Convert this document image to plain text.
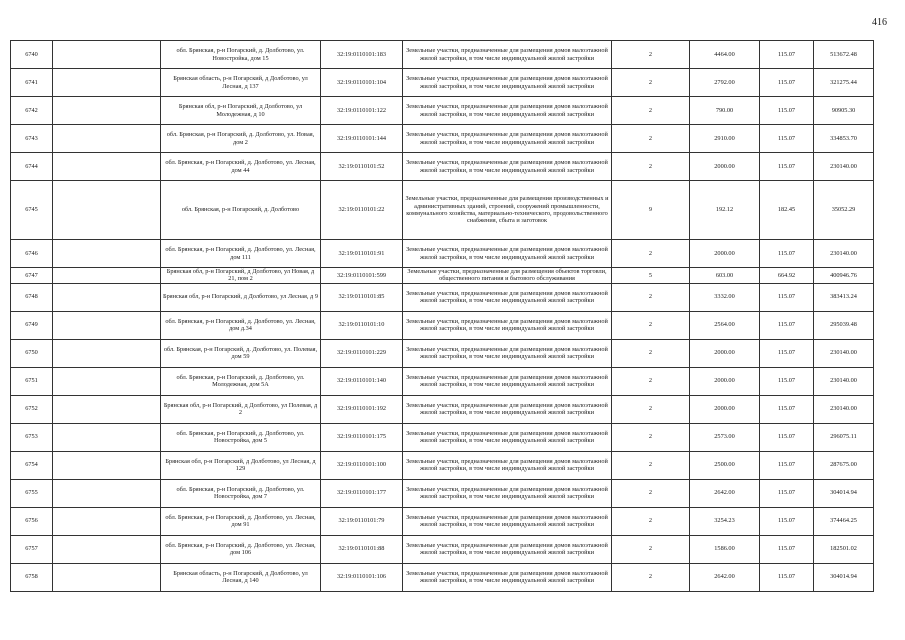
416
6740		обл. Брянская, р-н Погарский, д. Долботово, ул. Новостройка, дом 15	32:19:0110101:183	Земельные участки, предназначенные для размещения домов малоэтажной жилой застройки, в том числе индивидуальной жилой застройки	2	4464.00	115.07	513672.48
6741		Брянская область, р-н Погарский, д Долботово, ул Лесная, д 137	32:19:0110101:104	Земельные участки, предназначенные для размещения домов малоэтажной жилой застройки, в том числе индивидуальной жилой застройки	2	2792.00	115.07	321275.44
6742		Брянская обл, р-н Погарский, д Долботово, ул Молодежная, д 10	32:19:0110101:122	Земельные участки, предназначенные для размещения домов малоэтажной жилой застройки, в том числе индивидуальной жилой застройки	2	790.00	115.07	90905.30
6743		обл. Брянская, р-н Погарский, д. Долботово, ул. Новая, дом 2	32:19:0110101:144	Земельные участки, предназначенные для размещения домов малоэтажной жилой застройки, в том числе индивидуальной жилой застройки	2	2910.00	115.07	334853.70
6744		обл. Брянская, р-н Погарский, д. Долботово, ул. Лесная, дом 44	32:19:0110101:52	Земельные участки, предназначенные для размещения домов малоэтажной жилой застройки, в том числе индивидуальной жилой застройки	2	2000.00	115.07	230140.00
6745		обл. Брянская, р-н Погарский, д. Долботово	32:19:0110101:22	Земельные участки, предназначенные для размещения производственных и административных зданий, строений, сооружений промышленности, коммунального хозяйства, материально-технического, продовольственного снабжения, сбыта и заготовок	9	192.12	182.45	35052.29
6746		обл. Брянская, р-н Погарский, д. Долботово, ул. Лесная, дом 111	32:19:0110101:91	Земельные участки, предназначенные для размещения домов малоэтажной жилой застройки, в том числе индивидуальной жилой застройки	2	2000.00	115.07	230140.00
6747		Брянская обл, р-н Погарский, д Долботово, ул Новая, д 21, пом 2	32:19:0110101:599	Земельные участки, предназначенные для размещения объектов торговли, общественного питания и бытового обслуживания	5	603.00	664.92	400946.76
6748		Брянская обл, р-н Погарский, д Долботово, ул Лесная, д 9	32:19:0110101:85	Земельные участки, предназначенные для размещения домов малоэтажной жилой застройки, в том числе индивидуальной жилой застройки	2	3332.00	115.07	383413.24
6749		обл. Брянская, р-н Погарский, д. Долботово, ул. Лесная, дом д.34	32:19:0110101:10	Земельные участки, предназначенные для размещения домов малоэтажной жилой застройки, в том числе индивидуальной жилой застройки	2	2564.00	115.07	295039.48
6750		обл. Брянская, р-н Погарский, д. Долботово, ул. Полевая, дом 59	32:19:0110101:229	Земельные участки, предназначенные для размещения домов малоэтажной жилой застройки, в том числе индивидуальной жилой застройки	2	2000.00	115.07	230140.00
6751		обл. Брянская, р-н Погарский, д. Долботово, ул. Молодежная, дом 5А	32:19:0110101:140	Земельные участки, предназначенные для размещения домов малоэтажной жилой застройки, в том числе индивидуальной жилой застройки	2	2000.00	115.07	230140.00
6752		Брянская обл, р-н Погарский, д Долботово, ул Полевая, д 2	32:19:0110101:192	Земельные участки, предназначенные для размещения домов малоэтажной жилой застройки, в том числе индивидуальной жилой застройки	2	2000.00	115.07	230140.00
6753		обл. Брянская, р-н Погарский, д. Долботово, ул. Новостройка, дом 5	32:19:0110101:175	Земельные участки, предназначенные для размещения домов малоэтажной жилой застройки, в том числе индивидуальной жилой застройки	2	2573.00	115.07	296075.11
6754		Брянская обл, р-н Погарский, д Долботово, ул Лесная, д 129	32:19:0110101:100	Земельные участки, предназначенные для размещения домов малоэтажной жилой застройки, в том числе индивидуальной жилой застройки	2	2500.00	115.07	287675.00
6755		обл. Брянская, р-н Погарский, д. Долботово, ул. Новостройка, дом 7	32:19:0110101:177	Земельные участки, предназначенные для размещения домов малоэтажной жилой застройки, в том числе индивидуальной жилой застройки	2	2642.00	115.07	304014.94
6756		обл. Брянская, р-н Погарский, д. Долботово, ул. Лесная, дом 91	32:19:0110101:79	Земельные участки, предназначенные для размещения домов малоэтажной жилой застройки, в том числе индивидуальной жилой застройки	2	3254.23	115.07	374464.25
6757		обл. Брянская, р-н Погарский, д. Долботово, ул. Лесная, дом 106	32:19:0110101:88	Земельные участки, предназначенные для размещения домов малоэтажной жилой застройки, в том числе индивидуальной жилой застройки	2	1586.00	115.07	182501.02
6758		Брянская область, р-н Погарский, д Долботово, ул Лесная, д 140	32:19:0110101:106	Земельные участки, предназначенные для размещения домов малоэтажной жилой застройки, в том числе индивидуальной жилой застройки	2	2642.00	115.07	304014.94
